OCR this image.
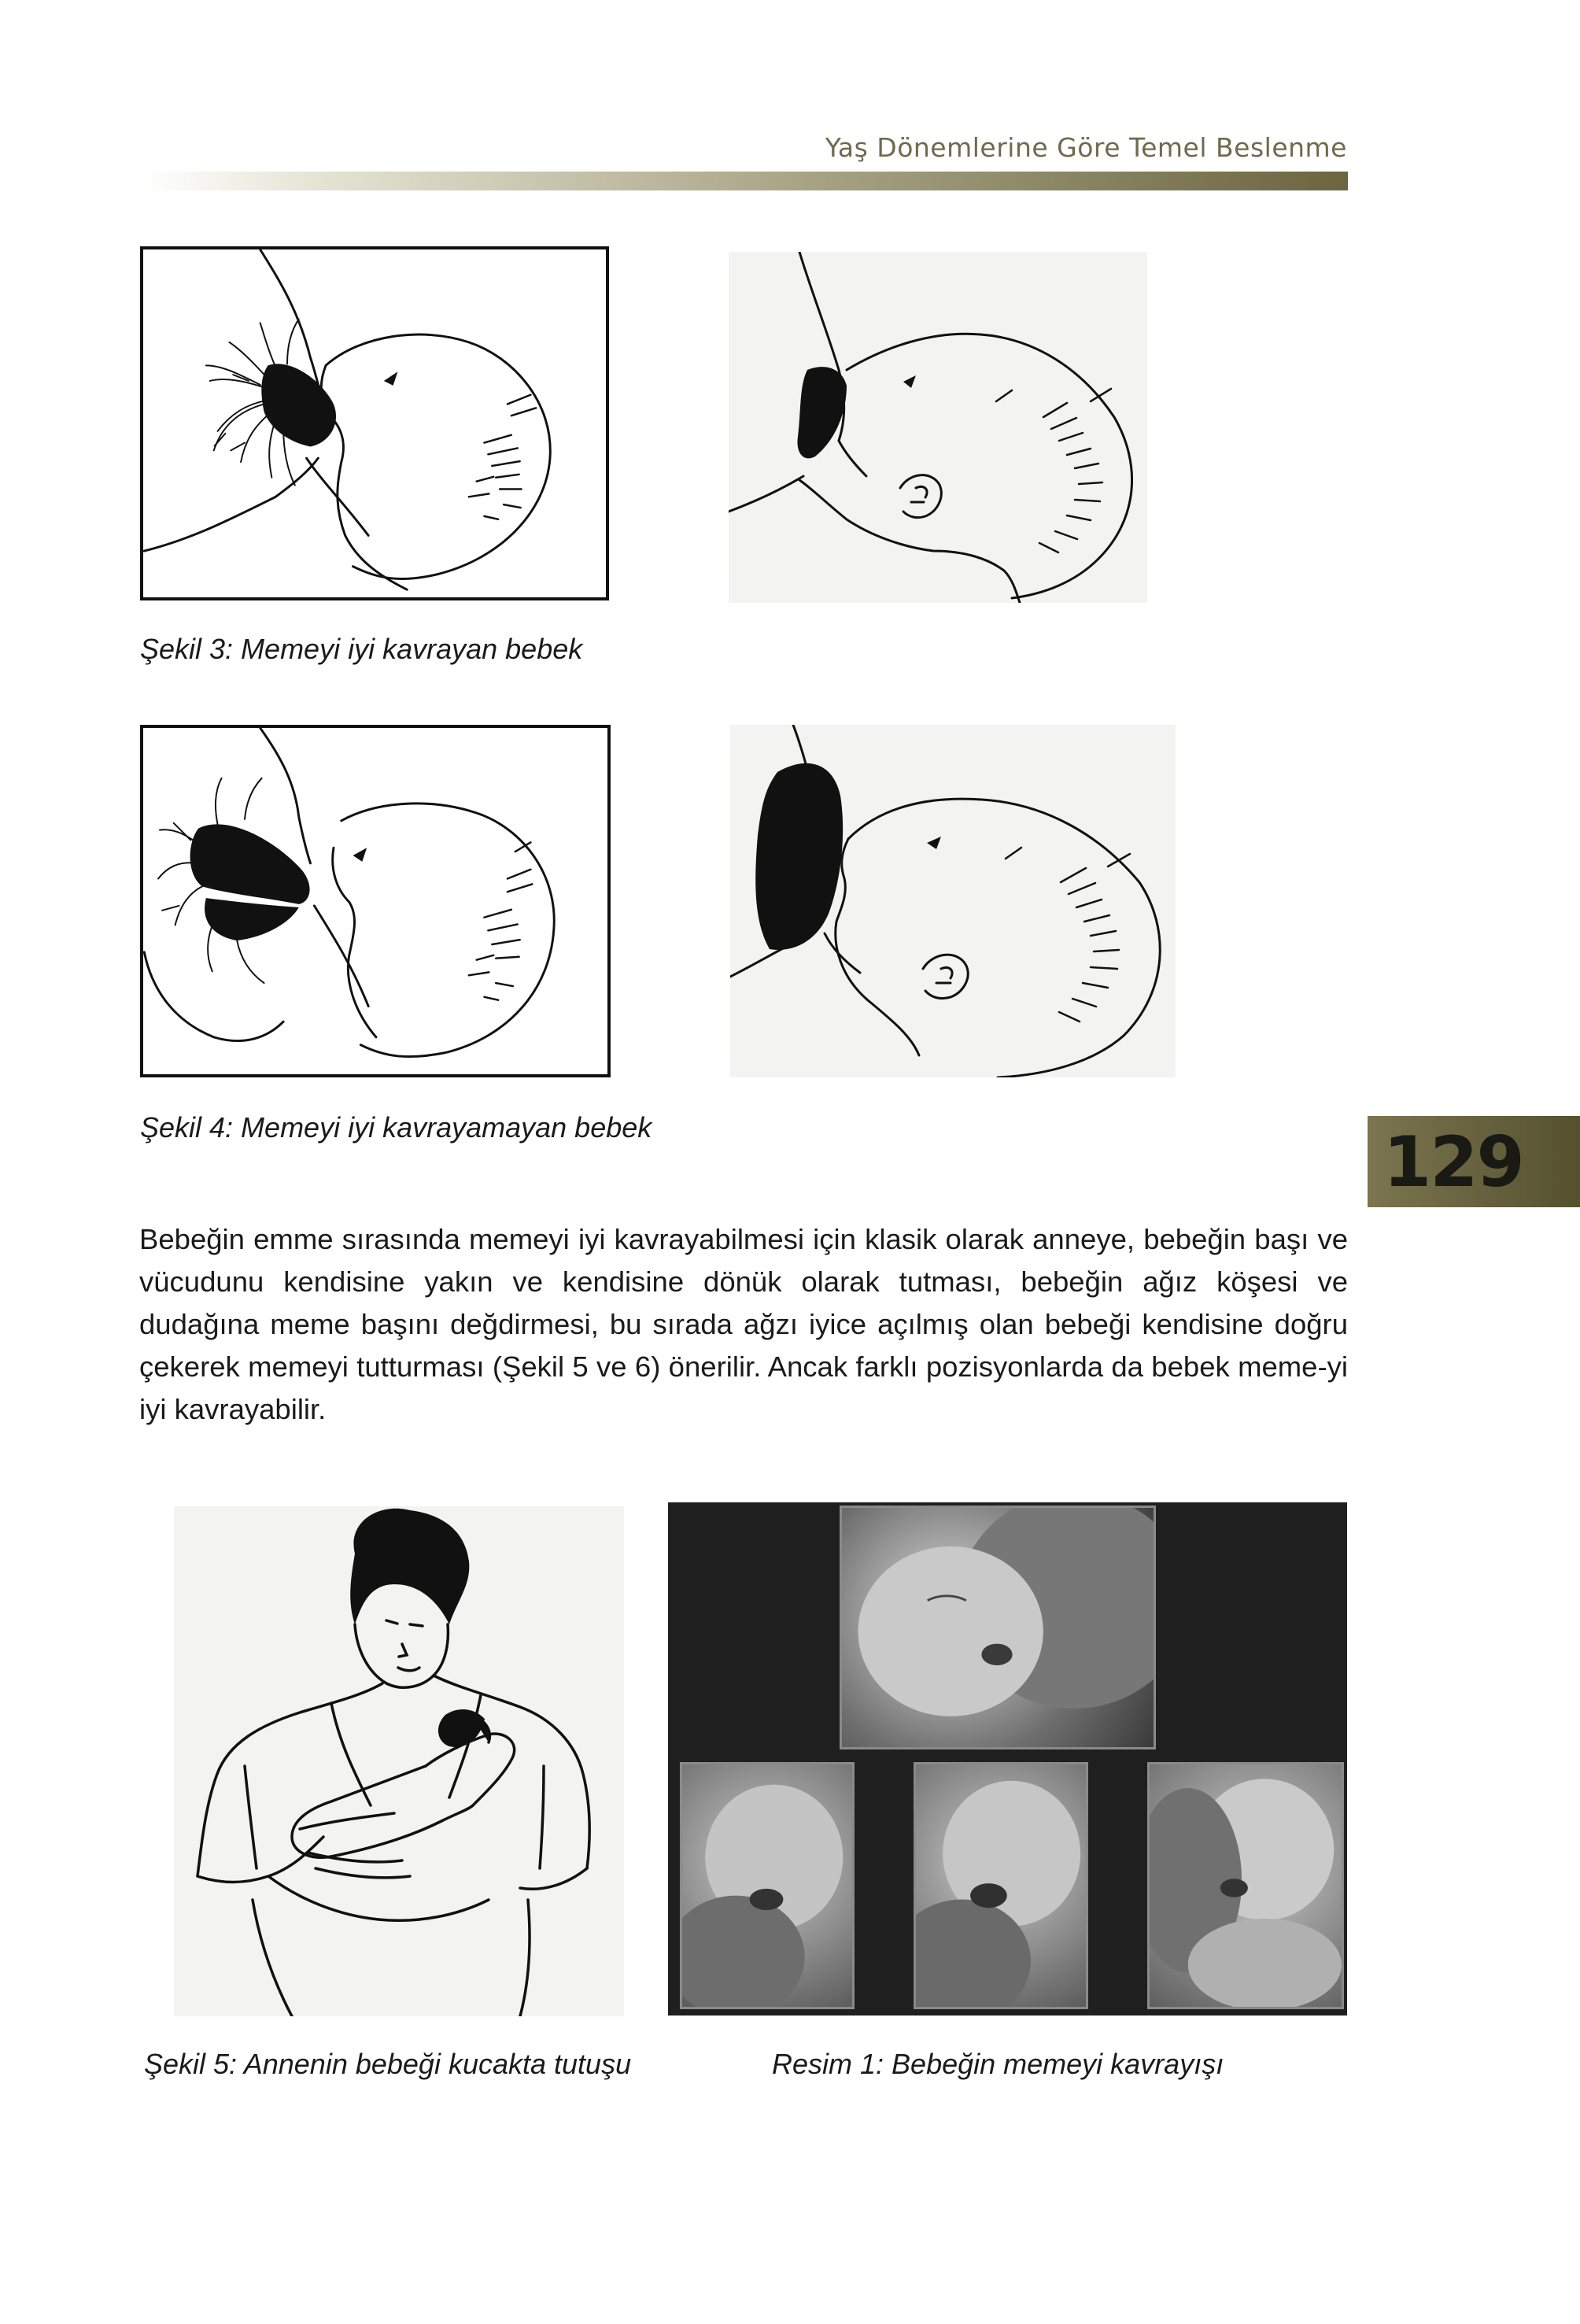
Yaş Dönemlerine Göre Temel Beslenme
129
Şekil 3: Memeyi iyi kavrayan bebek
Şekil 4: Memeyi iyi kavrayamayan bebek
Bebeğin emme sırasında memeyi iyi kavrayabilmesi için klasik olarak anneye, bebeğin başı ve vücudunu kendisine yakın ve kendisine dönük olarak tutması, bebeğin ağız köşesi ve dudağına meme başını değdirmesi, bu sırada ağzı iyice açılmış olan bebeği kendisine doğru çekerek memeyi tutturması (Şekil 5 ve 6) önerilir. Ancak farklı pozisyonlarda da bebek meme-yi iyi kavrayabilir.
Şekil 5: Annenin bebeği kucakta tutuşu	Resim 1: Bebeğin memeyi kavrayışı
